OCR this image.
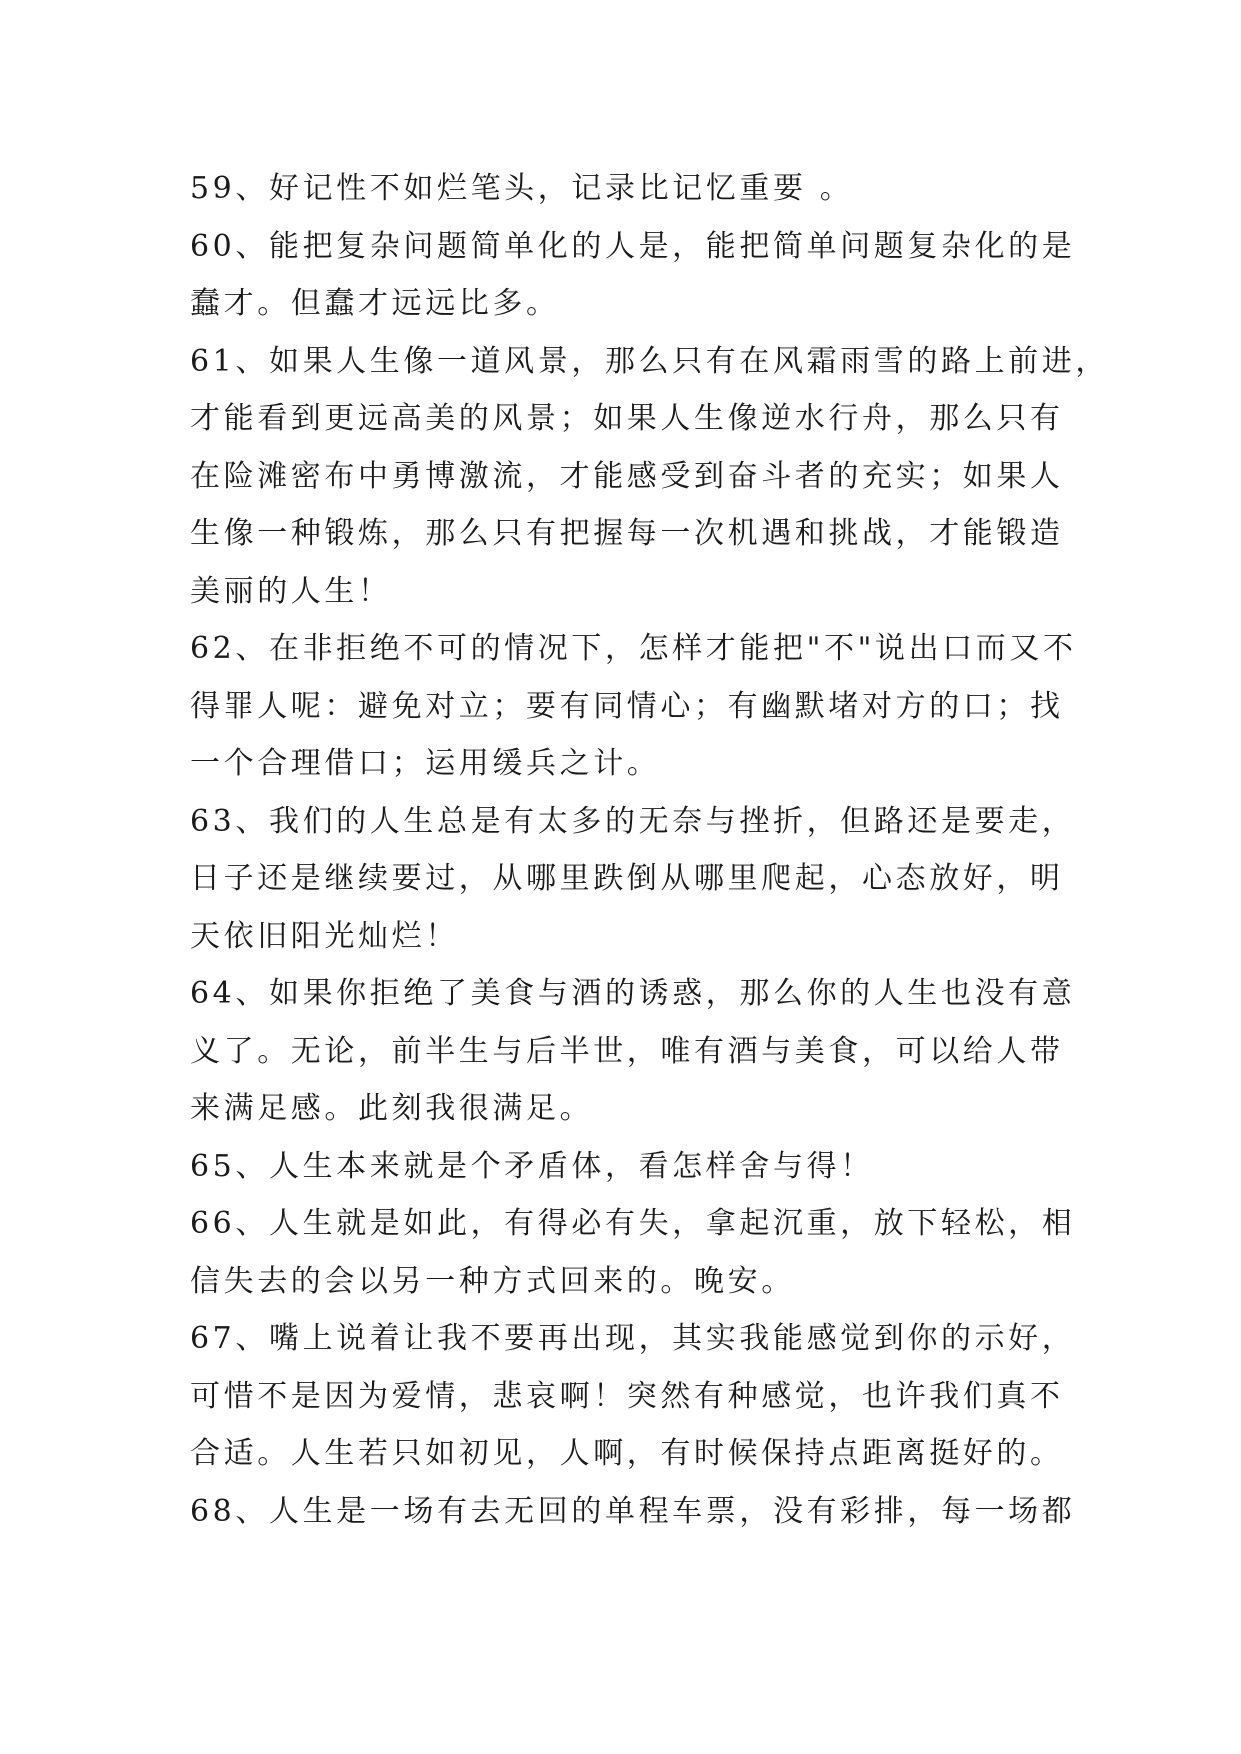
59、好记性不如烂笔头，记录比记忆重要 。
60、能把复杂问题简单化的人是，能把简单问题复杂化的是
蠢才。但蠢才远远比多。
61、如果人生像一道风景，那么只有在风霜雨雪的路上前进，
才能看到更远高美的风景；如果人生像逆水行舟，那么只有
在险滩密布中勇博激流，才能感受到奋斗者的充实；如果人
生像一种锻炼，那么只有把握每一次机遇和挑战，才能锻造
美丽的人生！
62、在非拒绝不可的情况下，怎样才能把"不"说出口而又不
得罪人呢：避免对立；要有同情心；有幽默堵对方的口；找
一个合理借口；运用缓兵之计。
63、我们的人生总是有太多的无奈与挫折，但路还是要走，
日子还是继续要过，从哪里跌倒从哪里爬起，心态放好，明
天依旧阳光灿烂！
64、如果你拒绝了美食与酒的诱惑，那么你的人生也没有意
义了。无论，前半生与后半世，唯有酒与美食，可以给人带
来满足感。此刻我很满足。
65、人生本来就是个矛盾体，看怎样舍与得！
66、人生就是如此，有得必有失，拿起沉重，放下轻松，相
信失去的会以另一种方式回来的。晚安。
67、嘴上说着让我不要再出现，其实我能感觉到你的示好，
可惜不是因为爱情，悲哀啊！突然有种感觉，也许我们真不
合适。人生若只如初见，人啊，有时候保持点距离挺好的。
68、人生是一场有去无回的单程车票，没有彩排，每一场都
